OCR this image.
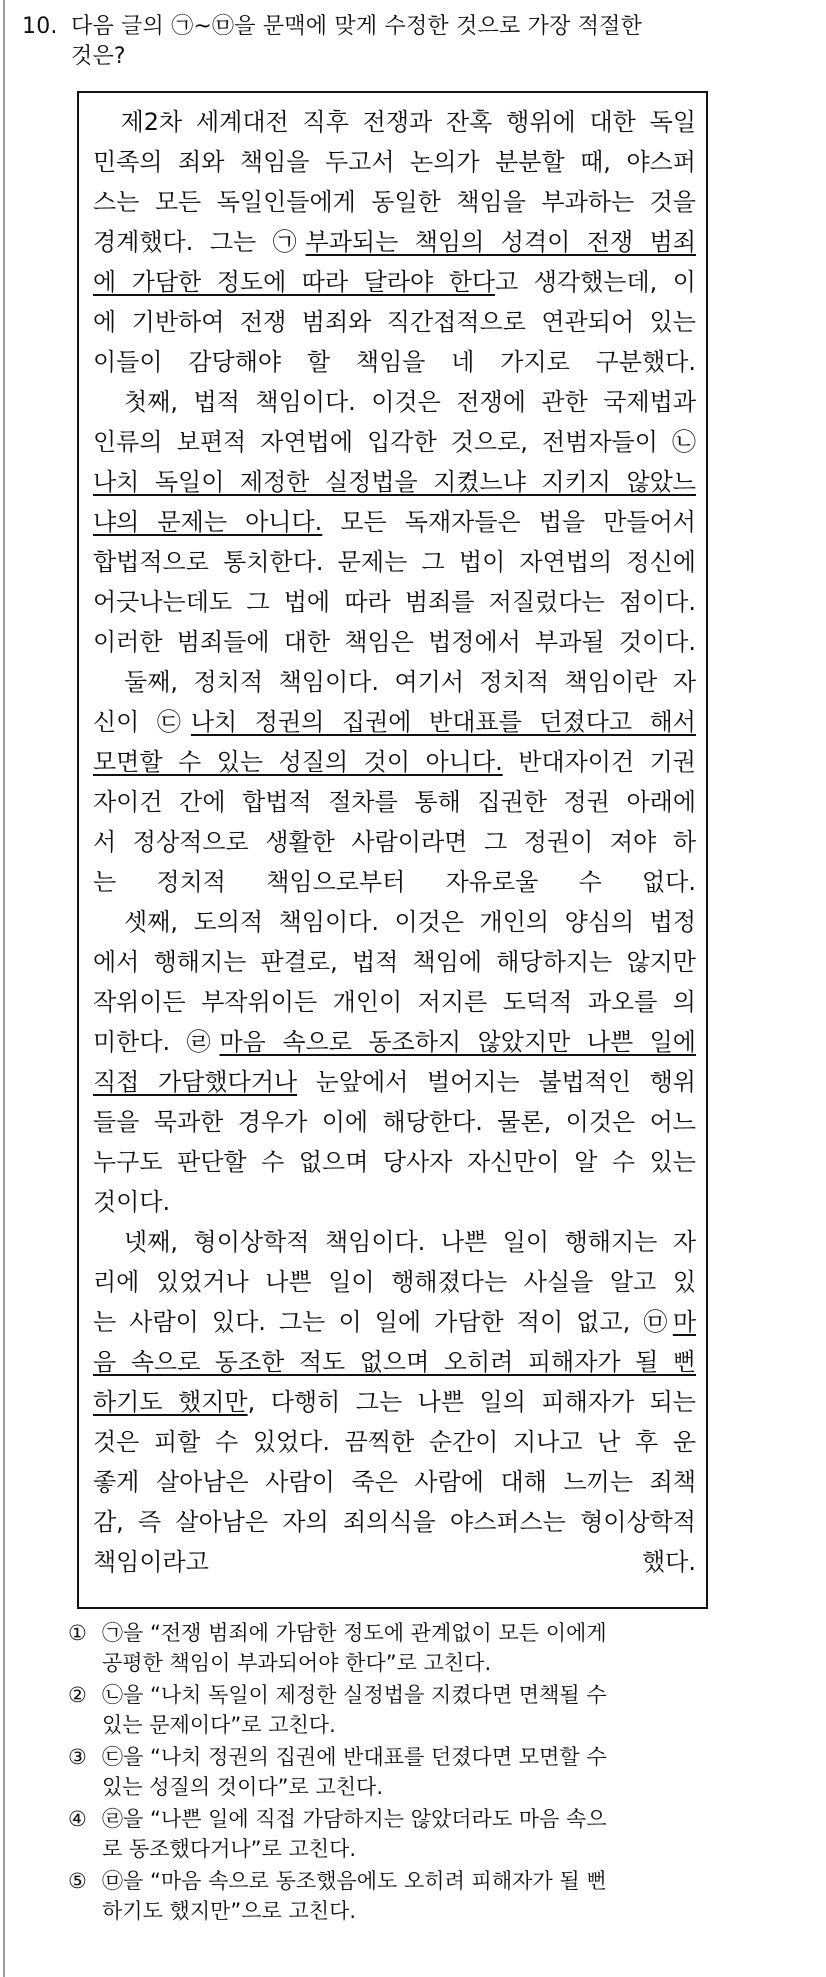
10. 다음 글의 ㉠~㉤을 문맥에 맞게 수정한 것으로 가장 적절한
것은?
제2차 세계대전 직후 전쟁과 잔혹 행위에 대한 독일
민족의 죄와 책임을 두고서 논의가 분분할 때, 야스퍼
스는 모든 독일인들에게 동일한 책임을 부과하는 것을
경계했다. 그는 ㉠부과되는 책임의 성격이 전쟁 범죄
에 가담한 정도에 따라 달라야 한다고 생각했는데, 이
에 기반하여 전쟁 범죄와 직간접적으로 연관되어 있는
이들이 감당해야 할 책임을 네 가지로 구분했다.
첫째, 법적 책임이다. 이것은 전쟁에 관한 국제법과
인류의 보편적 자연법에 입각한 것으로, 전범자들이 ㉡
나치 독일이 제정한 실정법을 지켰느냐 지키지 않았느
냐의 문제는 아니다. 모든 독재자들은 법을 만들어서
합법적으로 통치한다. 문제는 그 법이 자연법의 정신에
어긋나는데도 그 법에 따라 범죄를 저질렀다는 점이다.
이러한 범죄들에 대한 책임은 법정에서 부과될 것이다.
둘째, 정치적 책임이다. 여기서 정치적 책임이란 자
신이 ㉢나치 정권의 집권에 반대표를 던졌다고 해서
모면할 수 있는 성질의 것이 아니다. 반대자이건 기권
자이건 간에 합법적 절차를 통해 집권한 정권 아래에
서 정상적으로 생활한 사람이라면 그 정권이 져야 하
는 정치적 책임으로부터 자유로울 수 없다.
셋째, 도의적 책임이다. 이것은 개인의 양심의 법정
에서 행해지는 판결로, 법적 책임에 해당하지는 않지만
작위이든 부작위이든 개인이 저지른 도덕적 과오를 의
미한다. ㉣마음 속으로 동조하지 않았지만 나쁜 일에
직접 가담했다거나 눈앞에서 벌어지는 불법적인 행위
들을 묵과한 경우가 이에 해당한다. 물론, 이것은 어느
누구도 판단할 수 없으며 당사자 자신만이 알 수 있는
것이다.
넷째, 형이상학적 책임이다. 나쁜 일이 행해지는 자
리에 있었거나 나쁜 일이 행해졌다는 사실을 알고 있
는 사람이 있다. 그는 이 일에 가담한 적이 없고, ㉤마
음 속으로 동조한 적도 없으며 오히려 피해자가 될 뻔
하기도 했지만, 다행히 그는 나쁜 일의 피해자가 되는
것은 피할 수 있었다. 끔찍한 순간이 지나고 난 후 운
좋게 살아남은 사람이 죽은 사람에 대해 느끼는 죄책
감, 즉 살아남은 자의 죄의식을 야스퍼스는 형이상학적
책임이라고 했다.
① ㉠을 “전쟁 범죄에 가담한 정도에 관계없이 모든 이에게
공평한 책임이 부과되어야 한다”로 고친다.
② ㉡을 “나치 독일이 제정한 실정법을 지켰다면 면책될 수
있는 문제이다”로 고친다.
③ ㉢을 “나치 정권의 집권에 반대표를 던졌다면 모면할 수
있는 성질의 것이다”로 고친다.
④ ㉣을 “나쁜 일에 직접 가담하지는 않았더라도 마음 속으
로 동조했다거나”로 고친다.
⑤ ㉤을 “마음 속으로 동조했음에도 오히려 피해자가 될 뻔
하기도 했지만”으로 고친다.
